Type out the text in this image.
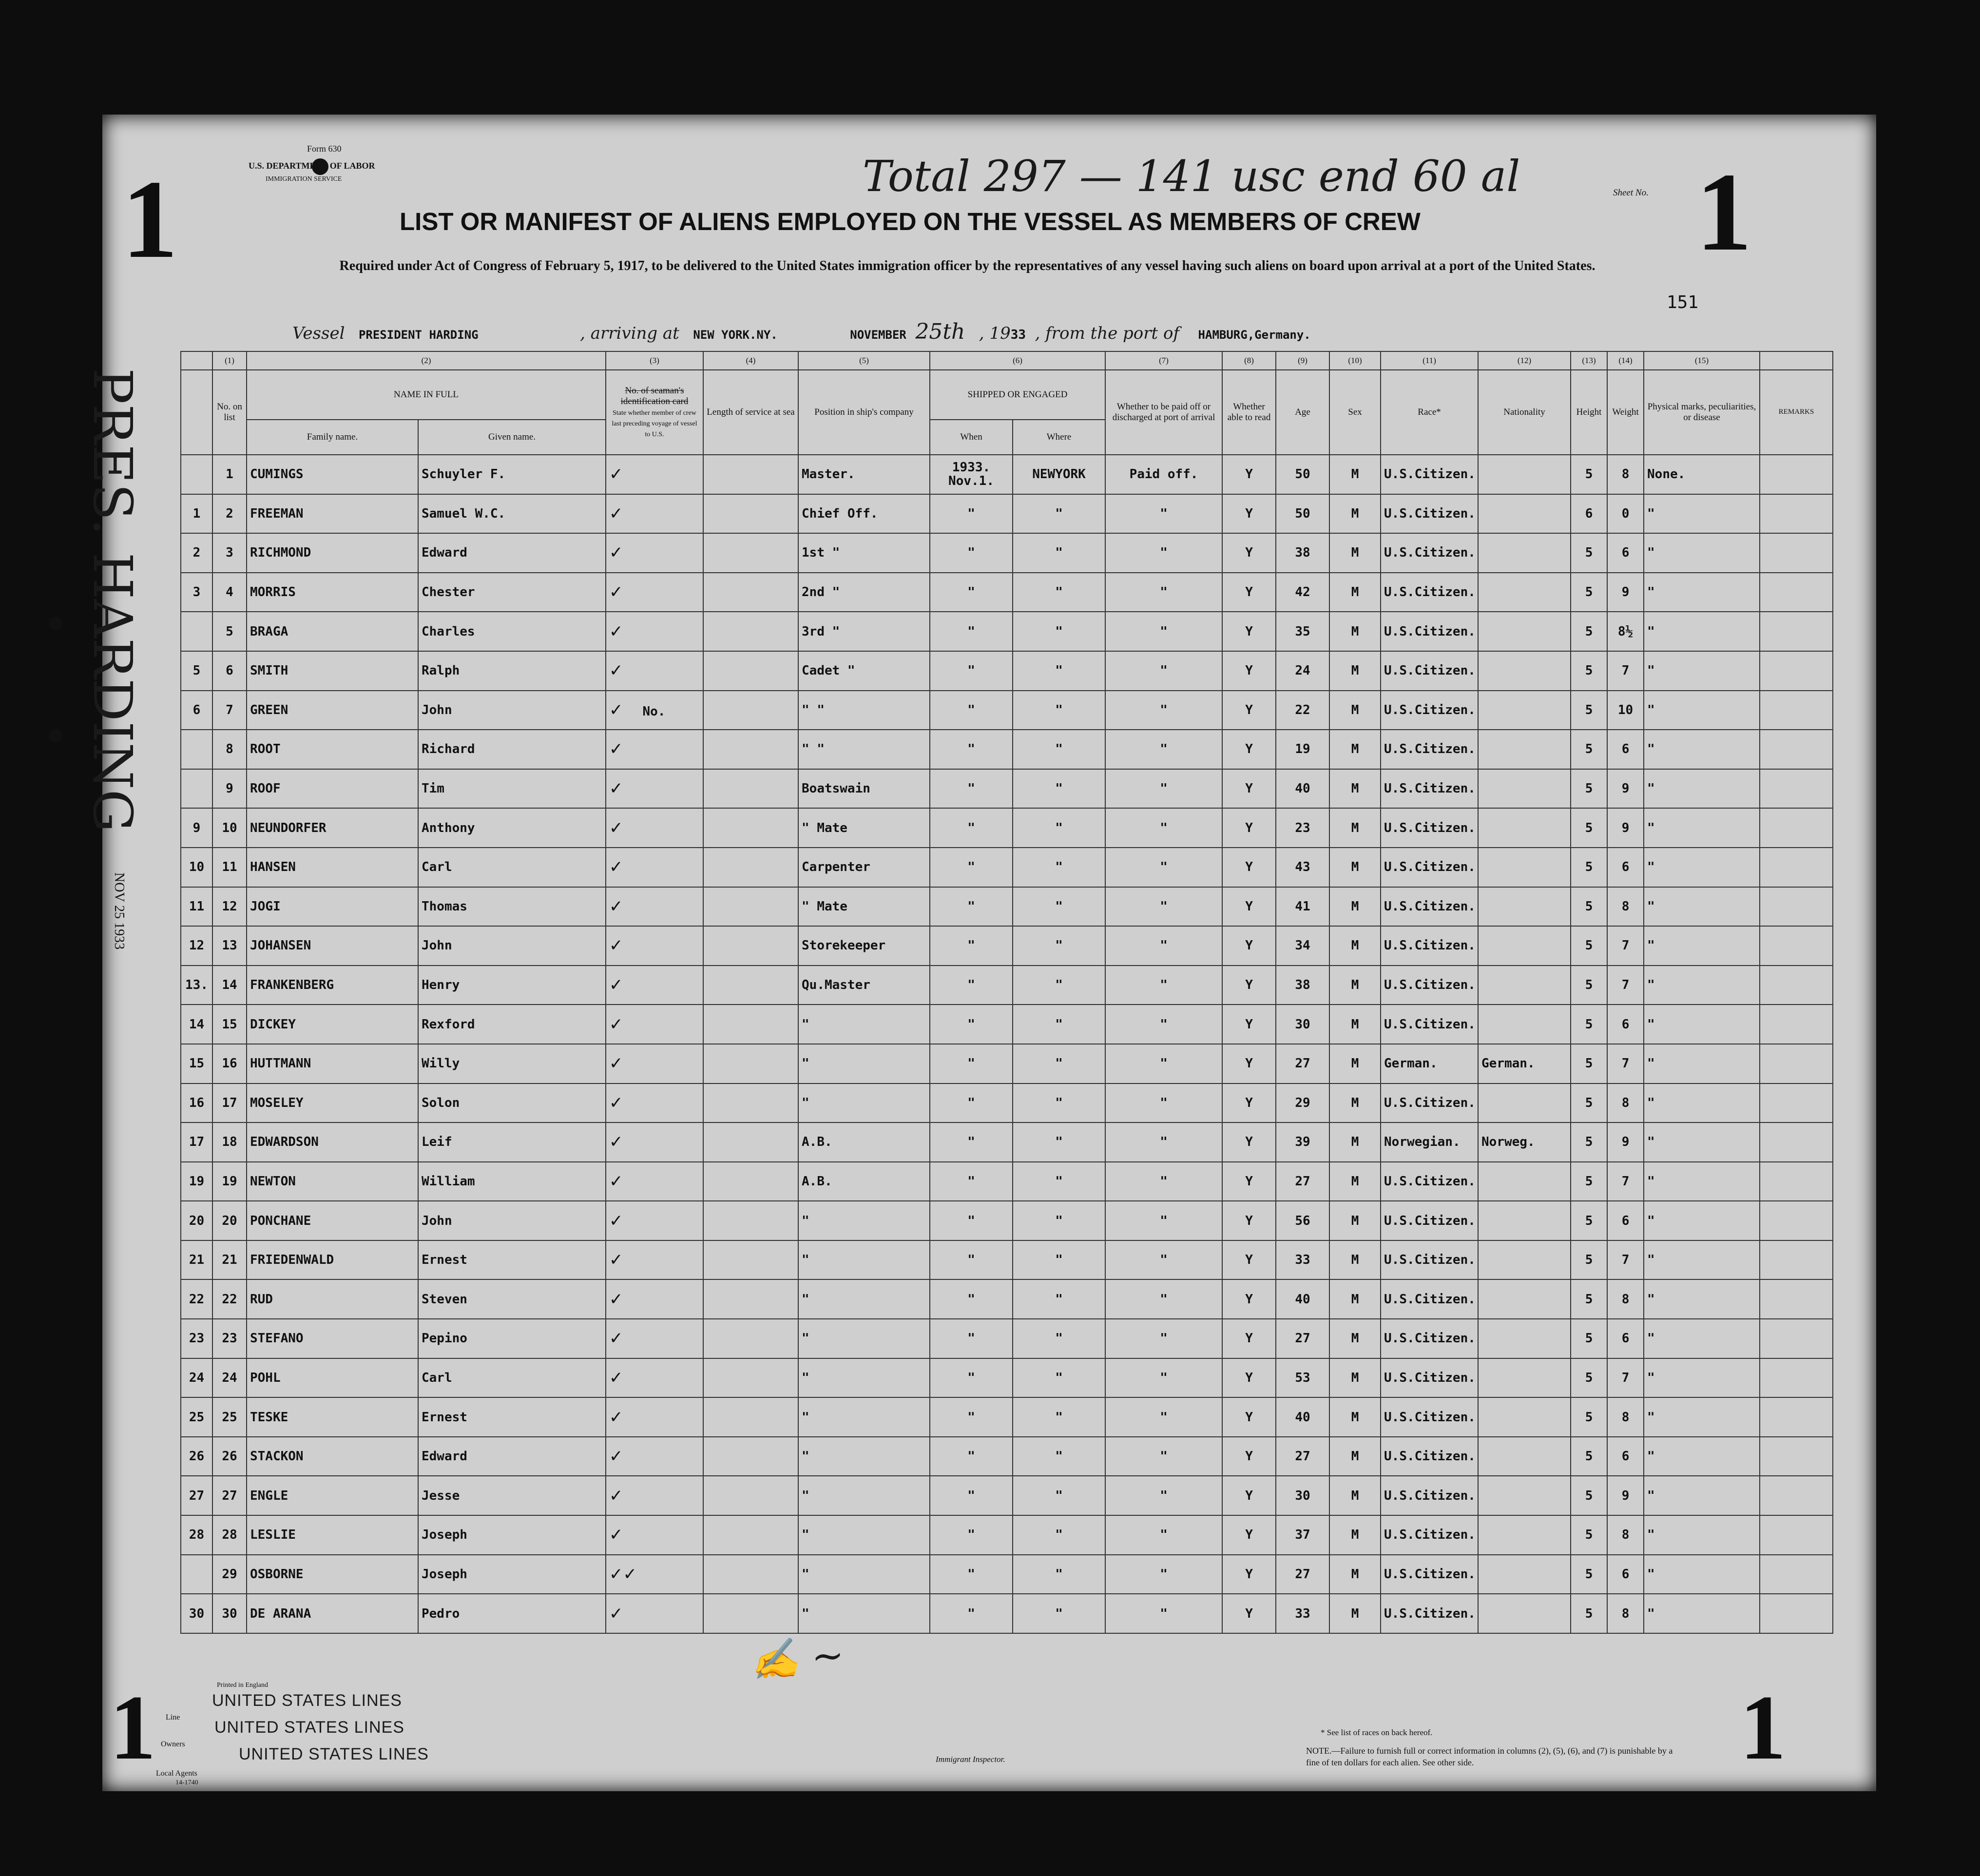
1
Form 630
U.S. DEPARTMENT OF LABOR
IMMIGRATION SERVICE	Total 297 — 141 usc end 60 al	Sheet No. 1
LIST OR MANIFEST OF ALIENS EMPLOYED ON THE VESSEL AS MEMBERS OF CREW
Required under Act of Congress of February 5, 1917, to be delivered to the United States immigration officer by the representatives of any vessel having such aliens on board upon arrival at a port of the United States.
151
Vessel PRESIDENT HARDING	, arriving at NEW YORK.NY.	NOVEMBER 25th , 1933 , from the port of HAMBURG,Germany.
PRES. HARDING
NOV 25 1933
	(1)	(2)		(3)	(4)	(5)	(6)		(7)	(8)	(9)	(10)	(11)	(12)	(13)	(14)	(15)	
	No. on list	NAME IN FULL		No. of seaman's identification card
State whether member of crew last preceding voyage of vessel to U.S.	Length of service at sea	Position in ship's company	SHIPPED OR ENGAGED		Whether to be paid off or discharged at port of arrival	Whether able to read	Age	Sex	Race*	Nationality	Height	Weight	Physical marks, peculiarities, or disease	REMARKS
		Family name.	Given name.				When	Where										
	1	CUMINGS	Schuyler F.	✓		Master.	1933. Nov.1.	NEWYORK	Paid off.	Y	50	M	U.S.Citizen.		5	8	None.	
1	2	FREEMAN	Samuel W.C.	✓		Chief Off.	"	"	"	Y	50	M	U.S.Citizen.		6	0	"	
2	3	RICHMOND	Edward	✓		1st "	"	"	"	Y	38	M	U.S.Citizen.		5	6	"	
3	4	MORRIS	Chester	✓		2nd "	"	"	"	Y	42	M	U.S.Citizen.		5	9	"	
	5	BRAGA	Charles	✓		3rd "	"	"	"	Y	35	M	U.S.Citizen.		5	8½	"	
5	6	SMITH	Ralph	✓		Cadet "	"	"	"	Y	24	M	U.S.Citizen.		5	7	"	
6	7	GREEN	John	✓ No.		" "	"	"	"	Y	22	M	U.S.Citizen.		5	10	"	
	8	ROOT	Richard	✓		" "	"	"	"	Y	19	M	U.S.Citizen.		5	6	"	
	9	ROOF	Tim	✓		Boatswain	"	"	"	Y	40	M	U.S.Citizen.		5	9	"	
9	10	NEUNDORFER	Anthony	✓		" Mate	"	"	"	Y	23	M	U.S.Citizen.		5	9	"	
10	11	HANSEN	Carl	✓		Carpenter	"	"	"	Y	43	M	U.S.Citizen.		5	6	"	
11	12	JOGI	Thomas	✓		" Mate	"	"	"	Y	41	M	U.S.Citizen.		5	8	"	
12	13	JOHANSEN	John	✓		Storekeeper	"	"	"	Y	34	M	U.S.Citizen.		5	7	"	
13.	14	FRANKENBERG	Henry	✓		Qu.Master	"	"	"	Y	38	M	U.S.Citizen.		5	7	"	
14	15	DICKEY	Rexford	✓		"	"	"	"	Y	30	M	U.S.Citizen.		5	6	"	
15	16	HUTTMANN	Willy	✓		"	"	"	"	Y	27	M	German.	German.	5	7	"	
16	17	MOSELEY	Solon	✓		"	"	"	"	Y	29	M	U.S.Citizen.		5	8	"	
17	18	EDWARDSON	Leif	✓		A.B.	"	"	"	Y	39	M	Norwegian.	Norweg.	5	9	"	
19	19	NEWTON	William	✓		A.B.	"	"	"	Y	27	M	U.S.Citizen.		5	7	"	
20	20	PONCHANE	John	✓		"	"	"	"	Y	56	M	U.S.Citizen.		5	6	"	
21	21	FRIEDENWALD	Ernest	✓		"	"	"	"	Y	33	M	U.S.Citizen.		5	7	"	
22	22	RUD	Steven	✓		"	"	"	"	Y	40	M	U.S.Citizen.		5	8	"	
23	23	STEFANO	Pepino	✓		"	"	"	"	Y	27	M	U.S.Citizen.		5	6	"	
24	24	POHL	Carl	✓		"	"	"	"	Y	53	M	U.S.Citizen.		5	7	"	
25	25	TESKE	Ernest	✓		"	"	"	"	Y	40	M	U.S.Citizen.		5	8	"	
26	26	STACKON	Edward	✓		"	"	"	"	Y	27	M	U.S.Citizen.		5	6	"	
27	27	ENGLE	Jesse	✓		"	"	"	"	Y	30	M	U.S.Citizen.		5	9	"	
28	28	LESLIE	Joseph	✓		"	"	"	"	Y	37	M	U.S.Citizen.		5	8	"	
	29	OSBORNE	Joseph	✓✓		"	"	"	"	Y	27	M	U.S.Citizen.		5	6	"	
30	30	DE ARANA	Pedro	✓		"	"	"	"	Y	33	M	U.S.Citizen.		5	8	"	
✍ ~
1	Printed in England
Line
Owners
Local Agents
14-1740
UNITED STATES LINES
UNITED STATES LINES
UNITED STATES LINES	Immigrant Inspector.
* See list of races on back hereof.
NOTE.—Failure to furnish full or correct information in columns (2), (5), (6), and (7) is punishable by a fine of ten dollars for each alien. See other side.	1
